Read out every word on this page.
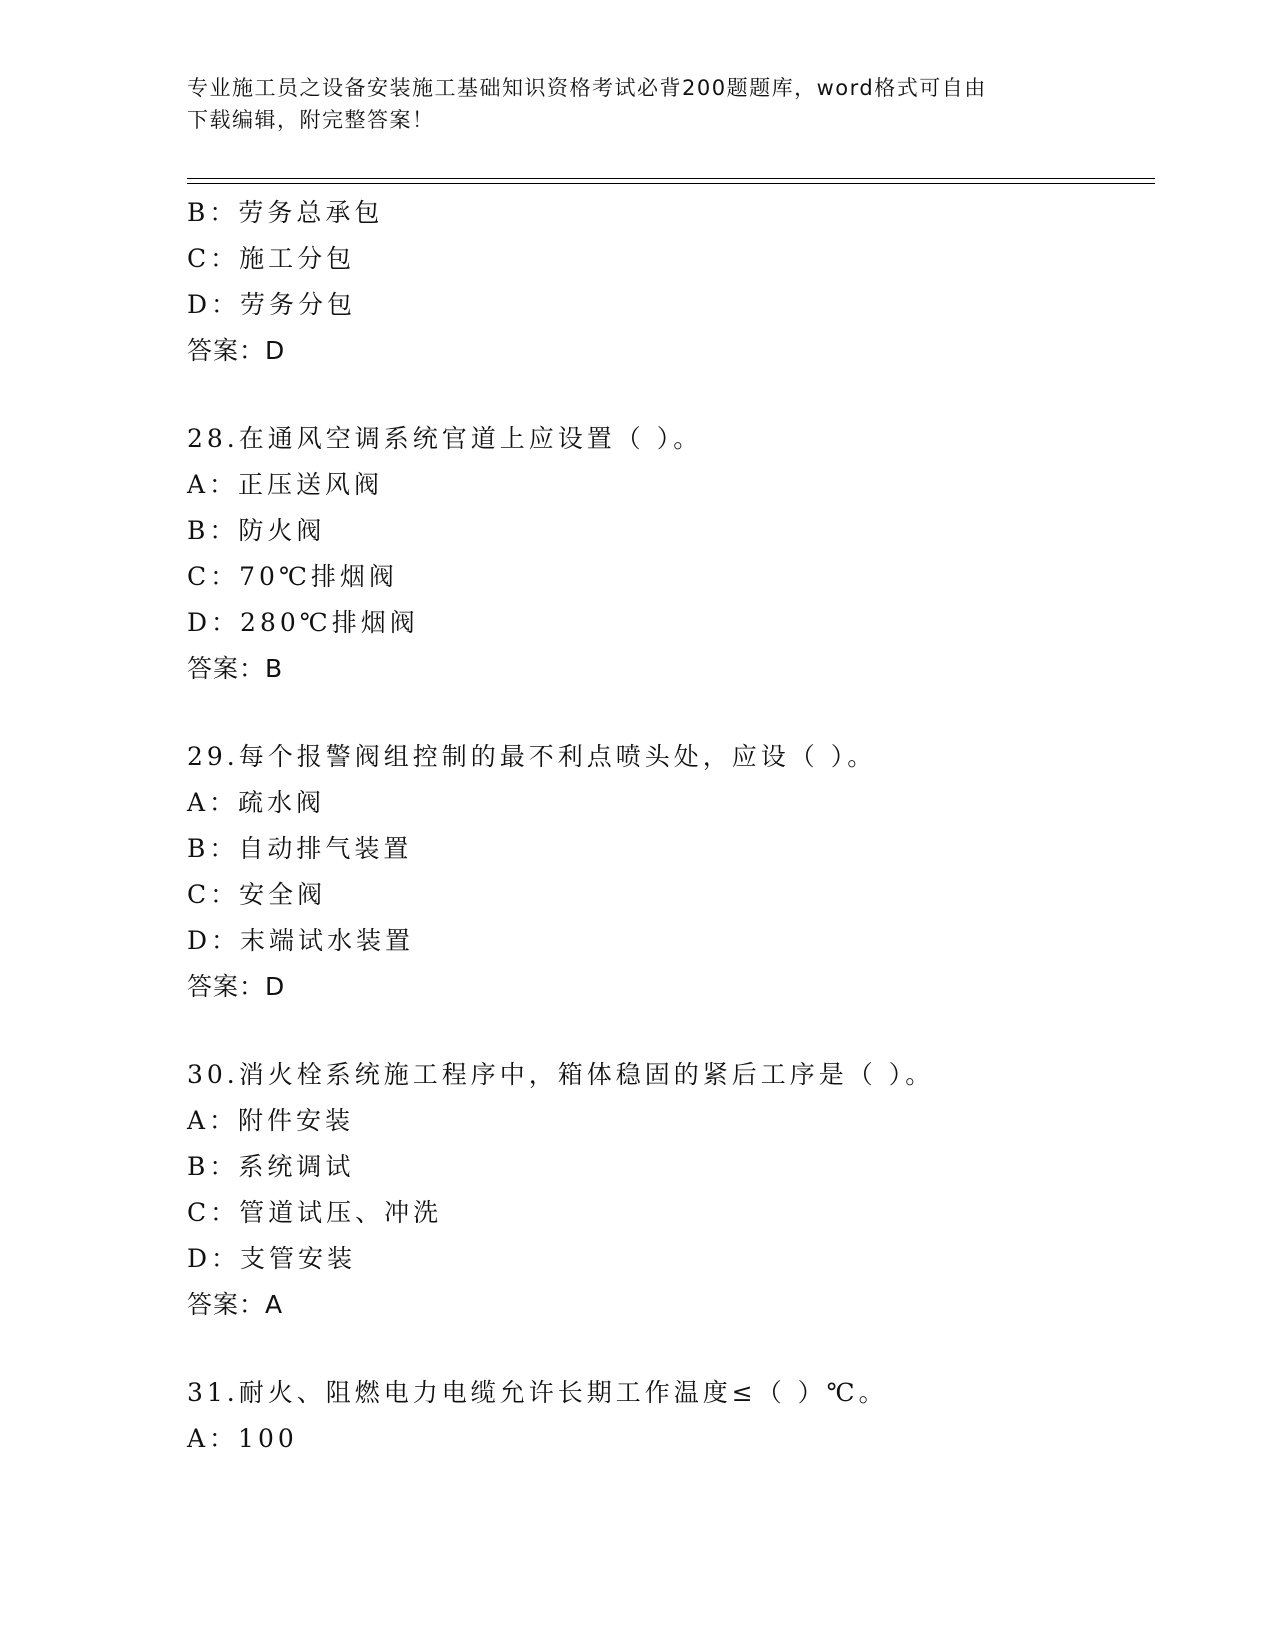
专业施工员之设备安装施工基础知识资格考试必背200题题库，word格式可自由
下载编辑，附完整答案！
B：劳务总承包
C：施工分包
D：劳务分包
答案：D
28.在通风空调系统官道上应设置（ ）。
A：正压送风阀
B：防火阀
C：70℃排烟阀
D：280℃排烟阀
答案：B
29.每个报警阀组控制的最不利点喷头处，应设（ ）。
A：疏水阀
B：自动排气装置
C：安全阀
D：末端试水装置
答案：D
30.消火栓系统施工程序中，箱体稳固的紧后工序是（ ）。
A：附件安装
B：系统调试
C：管道试压、冲洗
D：支管安装
答案：A
31.耐火、阻燃电力电缆允许长期工作温度≤（ ）℃。
A：100
